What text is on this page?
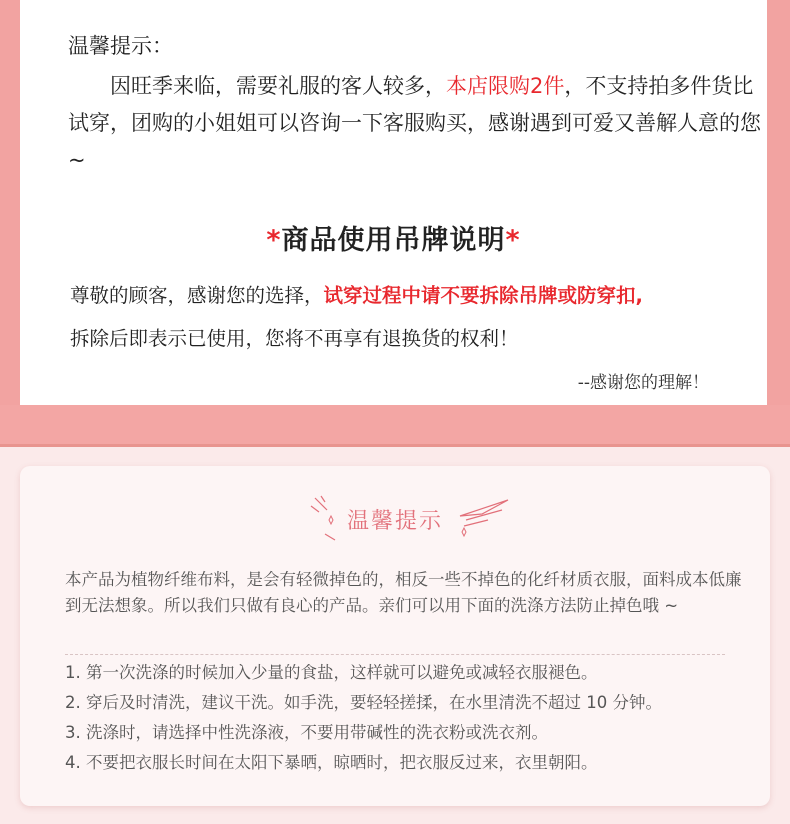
温馨提示：
因旺季来临，需要礼服的客人较多，本店限购2件，不支持拍多件货比试穿，团购的小姐姐可以咨询一下客服购买，感谢遇到可爱又善解人意的您~
*商品使用吊牌说明*
尊敬的顾客，感谢您的选择，试穿过程中请不要拆除吊牌或防穿扣,
拆除后即表示已使用，您将不再享有退换货的权利！
--感谢您的理解！
温馨提示
本产品为植物纤维布料，是会有轻微掉色的，相反一些不掉色的化纤材质衣服，面料成本低廉到无法想象。所以我们只做有良心的产品。亲们可以用下面的洗涤方法防止掉色哦 ~
1. 第一次洗涤的时候加入少量的食盐，这样就可以避免或减轻衣服褪色。
2. 穿后及时清洗，建议干洗。如手洗，要轻轻搓揉，在水里清洗不超过 10 分钟。
3. 洗涤时，请选择中性洗涤液，不要用带碱性的洗衣粉或洗衣剂。
4. 不要把衣服长时间在太阳下暴晒，晾晒时，把衣服反过来，衣里朝阳。
